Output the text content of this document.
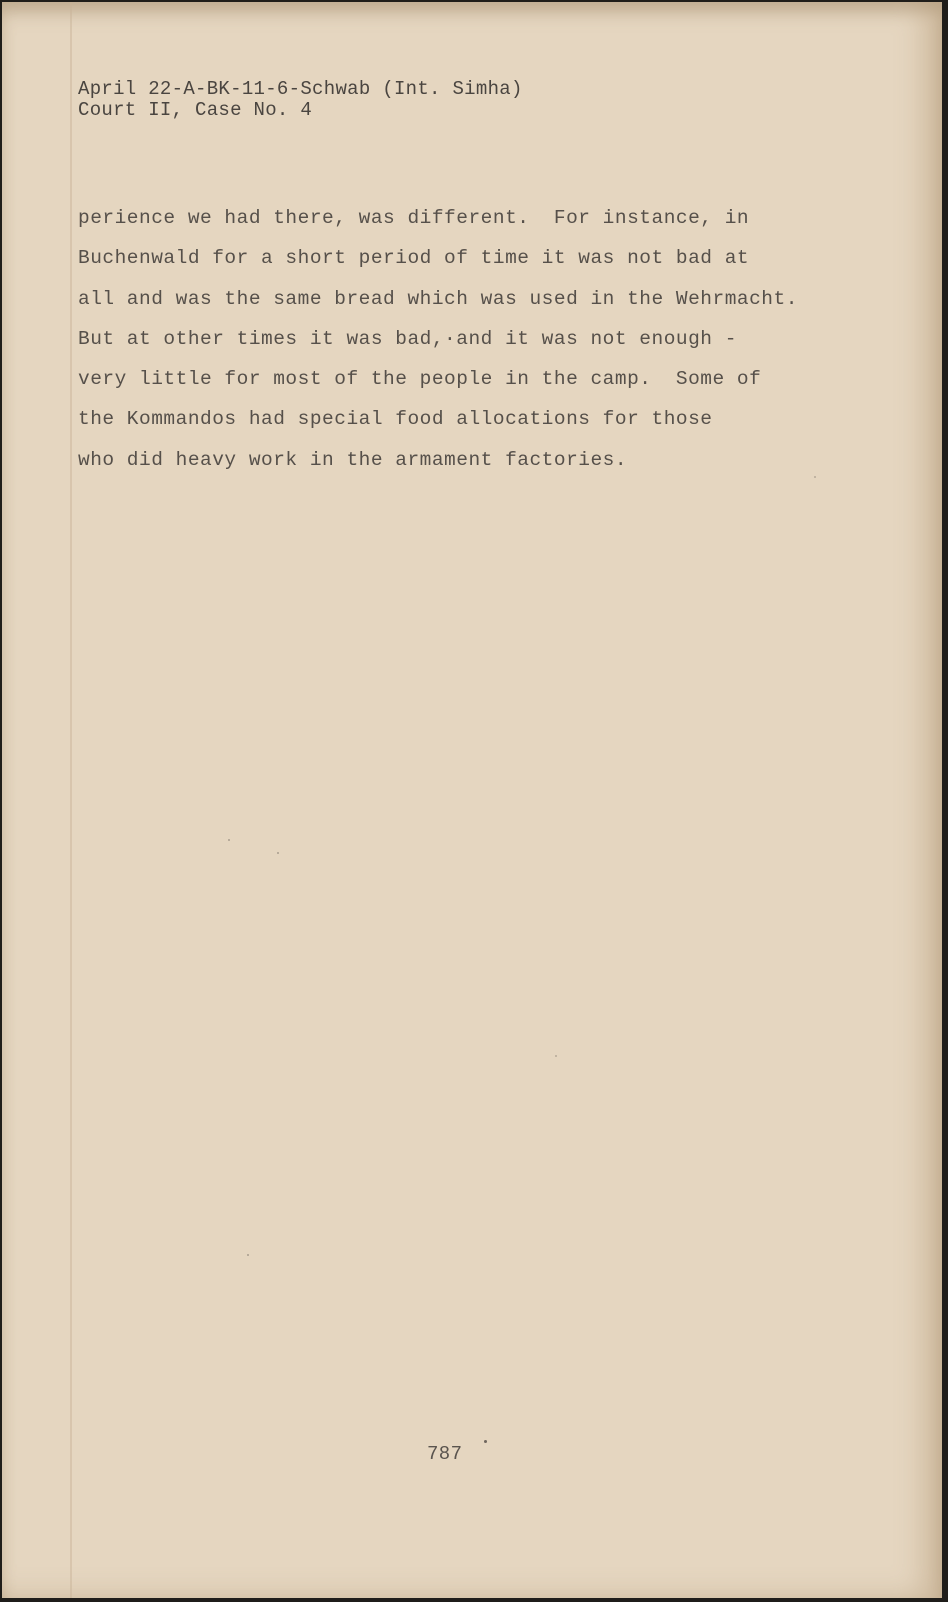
April 22-A-BK-11-6-Schwab (Int. Simha)
Court II, Case No. 4
perience we had there, was different.  For instance, in
Buchenwald for a short period of time it was not bad at
all and was the same bread which was used in the Wehrmacht.
But at other times it was bad,·and it was not enough -
very little for most of the people in the camp.  Some of
the Kommandos had special food allocations for those
who did heavy work in the armament factories.
787
